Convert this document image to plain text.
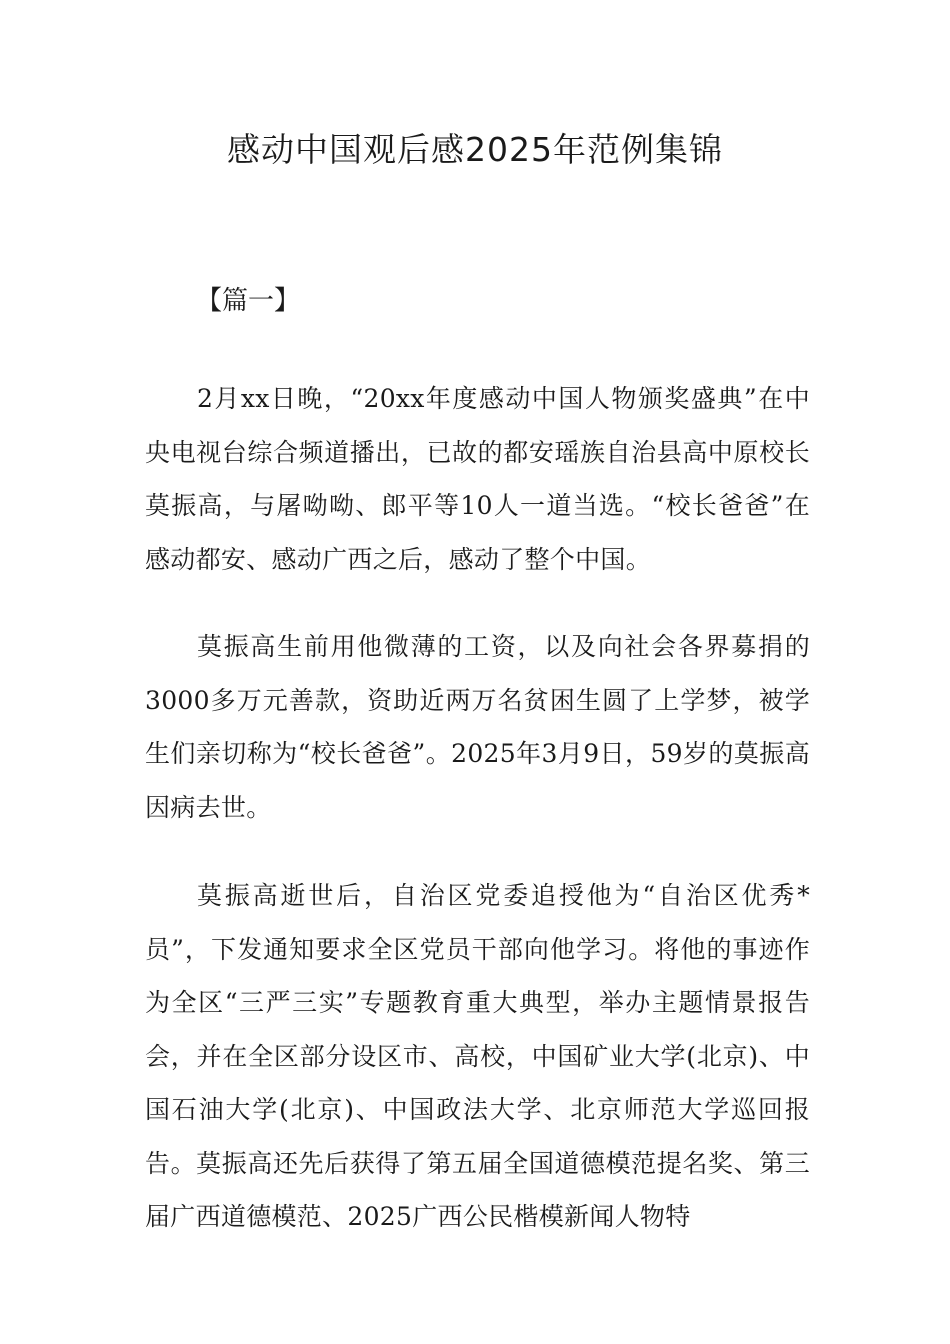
感动中国观后感2025年范例集锦

【篇一】

2月xx日晚，“20xx年度感动中国人物颁奖盛典”在中央电视台综合频道播出，已故的都安瑶族自治县高中原校长莫振高，与屠呦呦、郎平等10人一道当选。“校长爸爸”在感动都安、感动广西之后，感动了整个中国。

莫振高生前用他微薄的工资，以及向社会各界募捐的3000多万元善款，资助近两万名贫困生圆了上学梦，被学生们亲切称为“校长爸爸”。2025年3月9日，59岁的莫振高因病去世。

莫振高逝世后，自治区党委追授他为“自治区优秀*员”，下发通知要求全区党员干部向他学习。将他的事迹作为全区“三严三实”专题教育重大典型，举办主题情景报告会，并在全区部分设区市、高校，中国矿业大学(北京)、中国石油大学(北京)、中国政法大学、北京师范大学巡回报告。莫振高还先后获得了第五届全国道德模范提名奖、第三届广西道德模范、2025广西公民楷模新闻人物特
